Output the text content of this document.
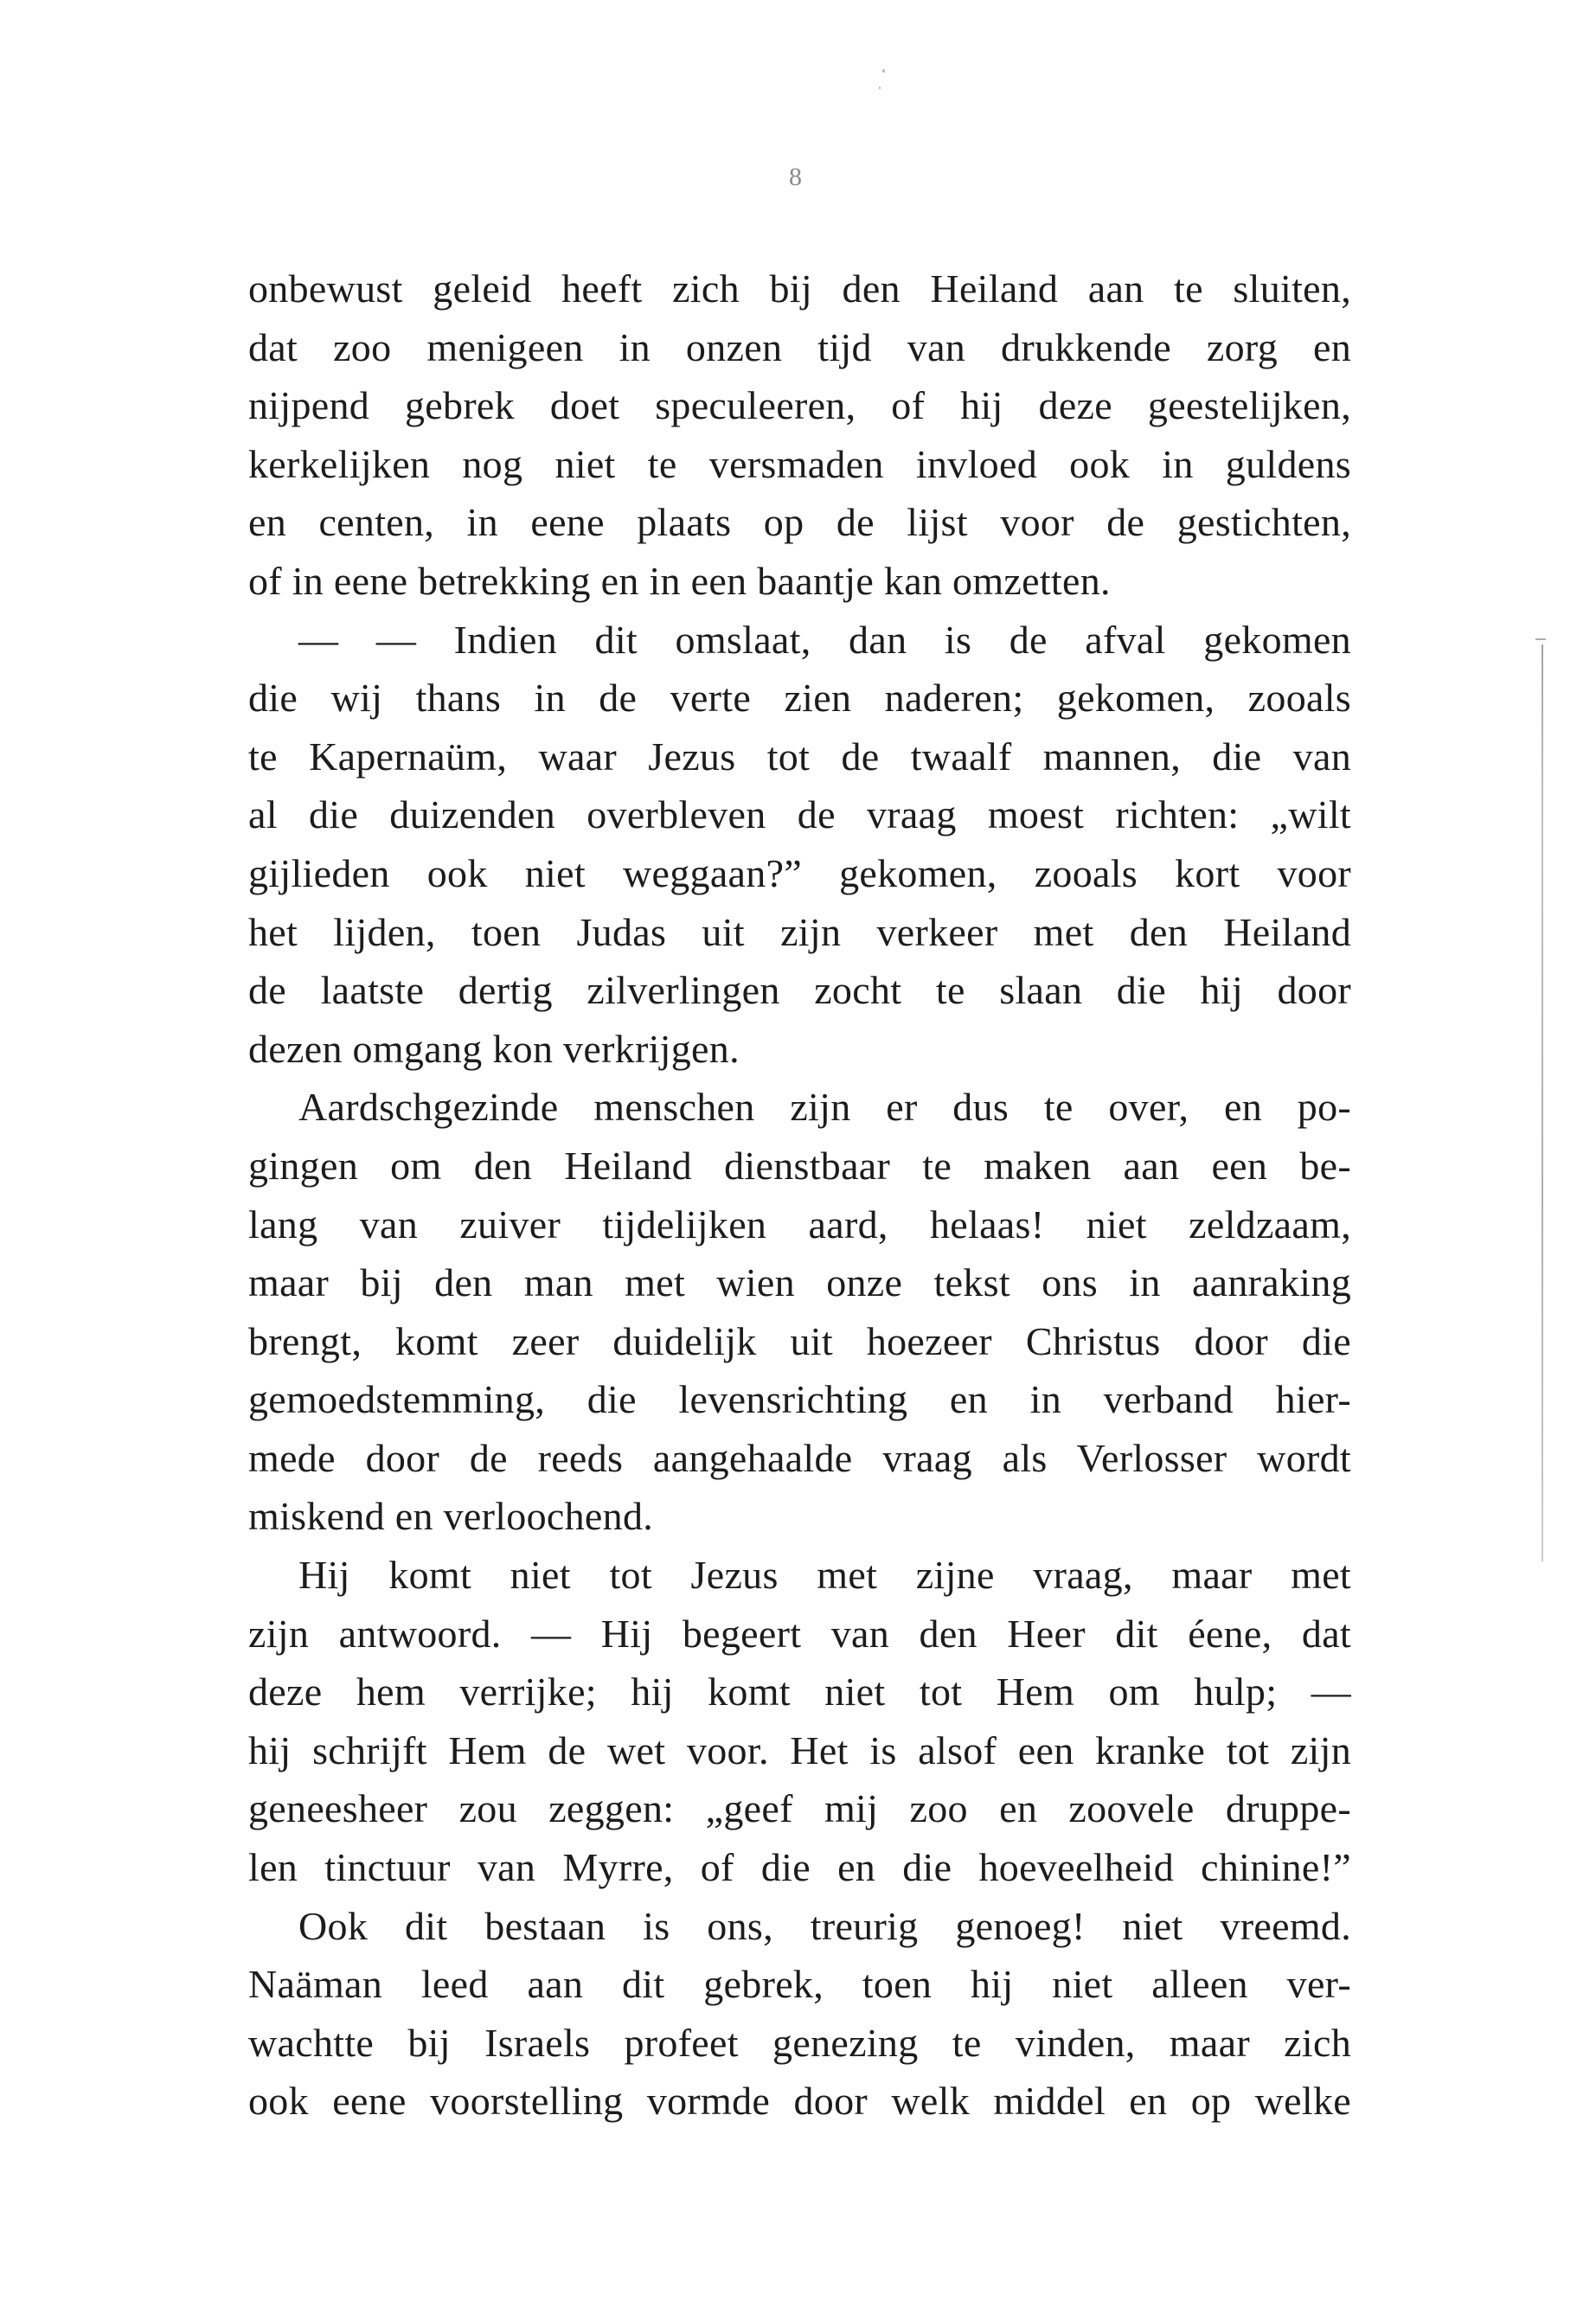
8
onbewust geleid heeft zich bij den Heiland aan te sluiten,
dat zoo menigeen in onzen tijd van drukkende zorg en
nijpend gebrek doet speculeeren, of hij deze geestelijken,
kerkelijken nog niet te versmaden invloed ook in guldens
en centen, in eene plaats op de lijst voor de gestichten,
of in eene betrekking en in een baantje kan omzetten.
— — Indien dit omslaat, dan is de afval gekomen
die wij thans in de verte zien naderen; gekomen, zooals
te Kapernaüm, waar Jezus tot de twaalf mannen, die van
al die duizenden overbleven de vraag moest richten: „wilt
gijlieden ook niet weggaan?” gekomen, zooals kort voor
het lijden, toen Judas uit zijn verkeer met den Heiland
de laatste dertig zilverlingen zocht te slaan die hij door
dezen omgang kon verkrijgen.
Aardschgezinde menschen zijn er dus te over, en po-
gingen om den Heiland dienstbaar te maken aan een be-
lang van zuiver tijdelijken aard, helaas! niet zeldzaam,
maar bij den man met wien onze tekst ons in aanraking
brengt, komt zeer duidelijk uit hoezeer Christus door die
gemoedstemming, die levensrichting en in verband hier-
mede door de reeds aangehaalde vraag als Verlosser wordt
miskend en verloochend.
Hij komt niet tot Jezus met zijne vraag, maar met
zijn antwoord. — Hij begeert van den Heer dit éene, dat
deze hem verrijke; hij komt niet tot Hem om hulp; —
hij schrijft Hem de wet voor. Het is alsof een kranke tot zijn
geneesheer zou zeggen: „geef mij zoo en zoovele druppe-
len tinctuur van Myrre, of die en die hoeveelheid chinine!”
Ook dit bestaan is ons, treurig genoeg! niet vreemd.
Naäman leed aan dit gebrek, toen hij niet alleen ver-
wachtte bij Israels profeet genezing te vinden, maar zich
ook eene voorstelling vormde door welk middel en op welke
